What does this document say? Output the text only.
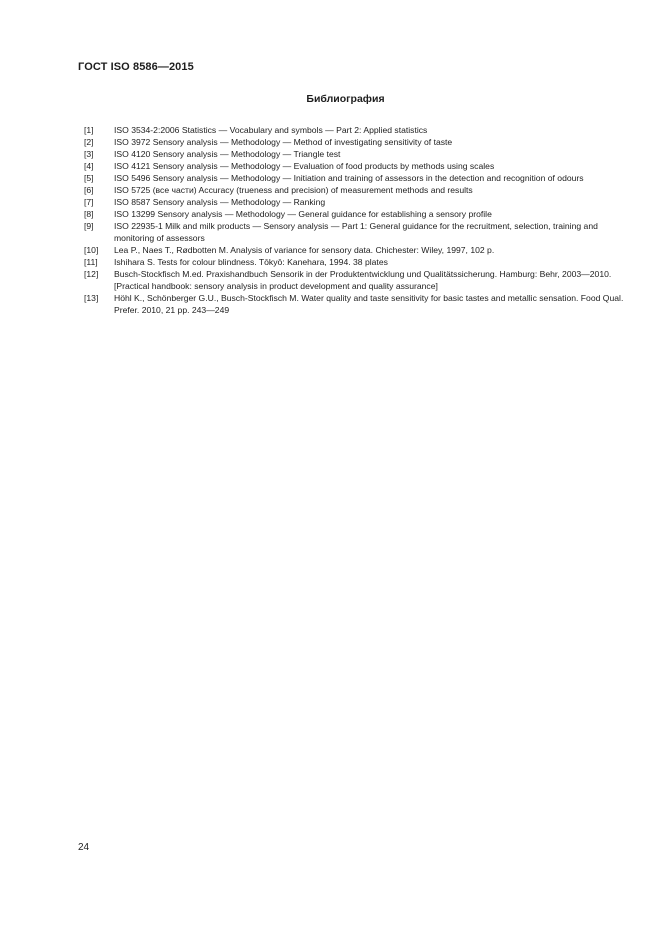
ГОСТ ISO 8586—2015
Библиография
[1]	ISO 3534-2:2006 Statistics — Vocabulary and symbols — Part 2: Applied statistics
[2]	ISO 3972 Sensory analysis — Methodology — Method of investigating sensitivity of taste
[3]	ISO 4120 Sensory analysis — Methodology — Triangle test
[4]	ISO 4121 Sensory analysis — Methodology — Evaluation of food products by methods using scales
[5]	ISO 5496 Sensory analysis — Methodology — Initiation and training of assessors in the detection and recognition of odours
[6]	ISO 5725 (все части) Accuracy (trueness and precision) of measurement methods and results
[7]	ISO 8587 Sensory analysis — Methodology — Ranking
[8]	ISO 13299 Sensory analysis — Methodology — General guidance for establishing a sensory profile
[9]	ISO 22935-1 Milk and milk products — Sensory analysis — Part 1: General guidance for the recruitment, selection, training and monitoring of assessors
[10]	Lea P., Naes T., Rødbotten M. Analysis of variance for sensory data. Chichester: Wiley, 1997, 102 p.
[11]	Ishihara S. Tests for colour blindness. Tōkyō: Kanehara, 1994. 38 plates
[12]	Busch-Stockfisch M.ed. Praxishandbuch Sensorik in der Produktentwicklung und Qualitätssicherung. Hamburg: Behr, 2003—2010. [Practical handbook: sensory analysis in product development and quality assurance]
[13]	Höhl K., Schönberger G.U., Busch-Stockfisch M. Water quality and taste sensitivity for basic tastes and metallic sensation. Food Qual. Prefer. 2010, 21 pp. 243—249
24
